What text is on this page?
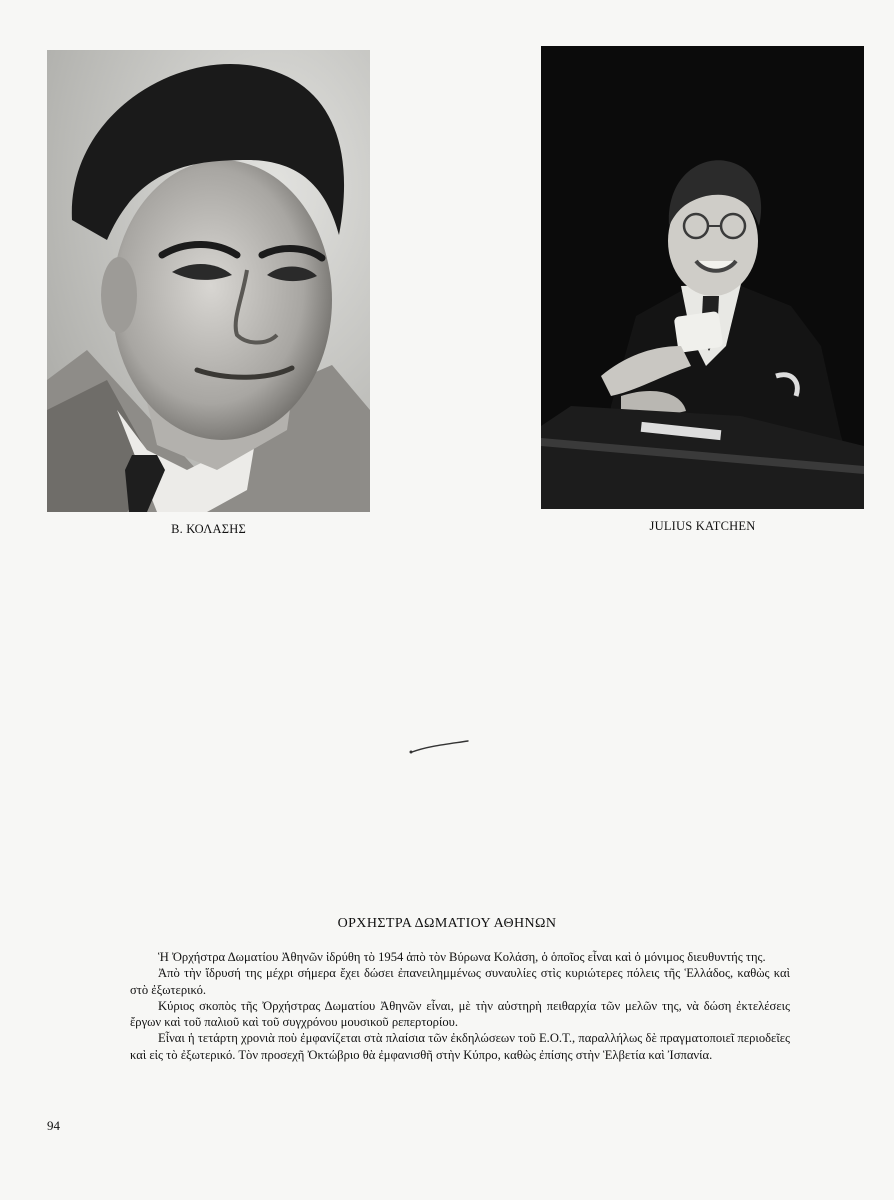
Β. ΚΟΛΑΣΗΣ	JULIUS KATCHEN
ΟΡΧΗΣΤΡΑ ΔΩΜΑΤΙΟΥ ΑΘΗΝΩΝ

Ἡ Ὀρχήστρα Δωματίου Ἀθηνῶν ἱδρύθη τὸ 1954 ἀπὸ τὸν Βύρωνα Κολάση, ὁ ὁποῖος εἶναι καὶ ὁ μόνιμος διευθυντής της.

Ἀπὸ τὴν ἵδρυσή της μέχρι σήμερα ἔχει δώσει ἐπανειλημμένως συναυλίες στὶς κυριώτερες πόλεις τῆς Ἑλλάδος, καθὼς καὶ στὸ ἐξωτερικό.

Κύριος σκοπὸς τῆς Ὀρχήστρας Δωματίου Ἀθηνῶν εἶναι, μὲ τὴν αὐστηρὴ πειθαρχία τῶν μελῶν της, νὰ δώση ἐκτελέσεις ἔργων καὶ τοῦ παλιοῦ καὶ τοῦ συγχρόνου μουσικοῦ ρεπερτορίου.

Εἶναι ἡ τετάρτη χρονιὰ ποὺ ἐμφανίζεται στὰ πλαίσια τῶν ἐκδηλώσεων τοῦ Ε.Ο.Τ., παραλλήλως δὲ πραγματοποιεῖ περιοδεῖες καὶ εἰς τὸ ἐξωτερικό. Τὸν προσεχῆ Ὀκτώβριο θὰ ἐμφανισθῆ στὴν Κύπρο, καθὼς ἐπίσης στὴν Ἑλβετία καὶ Ἰσπανία.

94
